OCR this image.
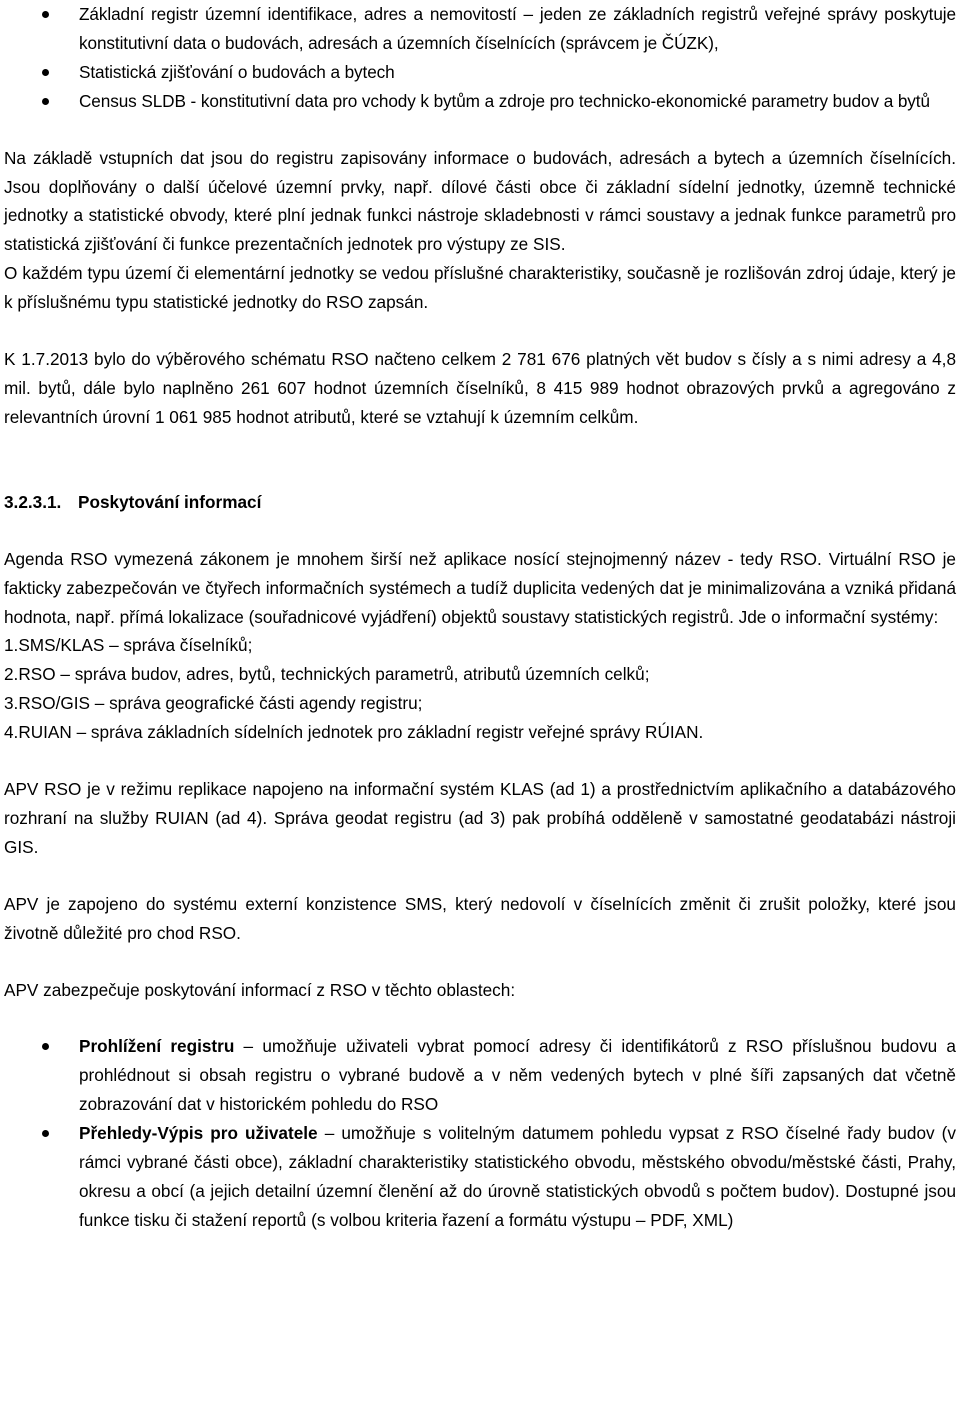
Základní registr územní identifikace, adres a nemovitostí – jeden ze základních registrů veřejné správy poskytuje konstitutivní data o budovách, adresách a územních číselnících (správcem je ČÚZK),
Statistická zjišťování o budovách a bytech
Census SLDB - konstitutivní data pro vchody k bytům a zdroje pro technicko-ekonomické parametry budov a bytů

Na základě vstupních dat jsou do registru zapisovány informace o budovách, adresách a bytech a územních číselnících. Jsou doplňovány o další účelové územní prvky, např. dílové části obce či základní sídelní jednotky, územně technické jednotky a statistické obvody, které plní jednak funkci nástroje skladebnosti v rámci soustavy a jednak funkce parametrů pro statistická zjišťování či funkce prezentačních jednotek pro výstupy ze SIS.

O každém typu území či elementární jednotky se vedou příslušné charakteristiky, současně je rozlišován zdroj údaje, který je k příslušnému typu statistické jednotky do RSO zapsán.

K 1.7.2013 bylo do výběrového schématu RSO načteno celkem 2 781 676 platných vět budov s čísly a s nimi adresy a 4,8 mil. bytů, dále bylo naplněno 261 607 hodnot územních číselníků, 8 415 989 hodnot obrazových prvků a agregováno z relevantních úrovní 1 061 985 hodnot atributů, které se vztahují k územním celkům.

3.2.3.1. Poskytování informací

Agenda RSO vymezená zákonem je mnohem širší než aplikace nosící stejnojmenný název - tedy RSO. Virtuální RSO je fakticky zabezpečován ve čtyřech informačních systémech a tudíž duplicita vedených dat je minimalizována a vzniká přidaná hodnota, např. přímá lokalizace (souřadnicové vyjádření) objektů soustavy statistických registrů. Jde o informační systémy:

1.SMS/KLAS – správa číselníků;

2.RSO – správa budov, adres, bytů, technických parametrů, atributů územních celků;

3.RSO/GIS – správa geografické části agendy registru;

4.RUIAN – správa základních sídelních jednotek pro základní registr veřejné správy RÚIAN.

APV RSO je v režimu replikace napojeno na informační systém KLAS (ad 1) a prostřednictvím aplikačního a databázového rozhraní na služby RUIAN (ad 4). Správa geodat registru (ad 3) pak probíhá odděleně v samostatné geodatabázi nástroji GIS.

APV je zapojeno do systému externí konzistence SMS, který nedovolí v číselnících změnit či zrušit položky, které jsou životně důležité pro chod RSO.

APV zabezpečuje poskytování informací z RSO v těchto oblastech:

Prohlížení registru – umožňuje uživateli vybrat pomocí adresy či identifikátorů z RSO příslušnou budovu a prohlédnout si obsah registru o vybrané budově a v něm vedených bytech v plné šíři zapsaných dat včetně zobrazování dat v historickém pohledu do RSO
Přehledy-Výpis pro uživatele – umožňuje s volitelným datumem pohledu vypsat z RSO číselné řady budov (v rámci vybrané části obce), základní charakteristiky statistického obvodu, městského obvodu/městské části, Prahy, okresu a obcí (a jejich detailní územní členění až do úrovně statistických obvodů s počtem budov). Dostupné jsou funkce tisku či stažení reportů (s volbou kriteria řazení a formátu výstupu – PDF, XML)
